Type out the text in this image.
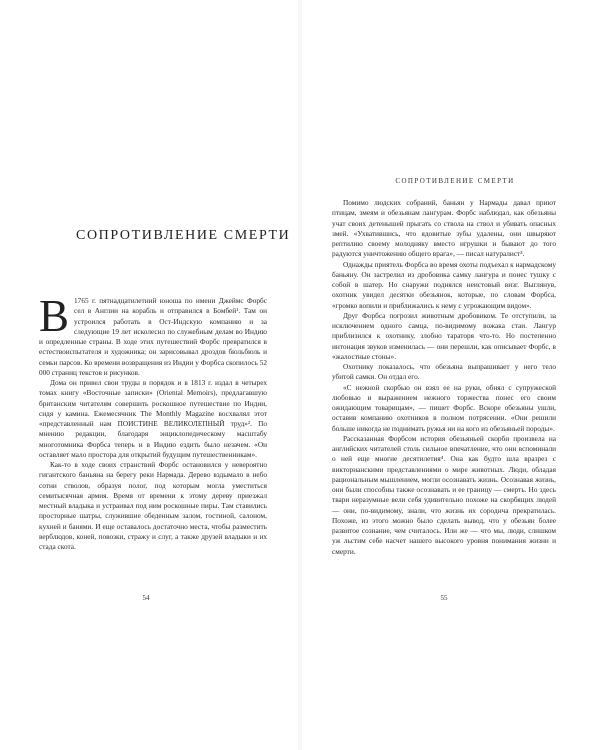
СОПРОТИВЛЕНИЕ СМЕРТИ

В 1765 г. пятнадцатилетний юноша по имени Джеймс Форбс сел в Англии на корабль и отправился в Бомбей¹. Там он устроился работать в Ост-Индскую компанию и за следующие 19 лет исколесил по служебным делам во Индию и опредленные страны. В ходе этих путешествий Форбс превратился в естествоиспытателя и художника; он зарисовывал дроздов бюльбюль и семьи парсов. Ко времени возвращения из Индии у Форбса скопилось 52 000 страниц текстов и рисунков.

Дома он привел свои труды в порядок и в 1813 г. издал в четырех томах книгу «Восточные записки» (Oriental Memoirs), предлагавшую британским читателям совершить роскошное путешествие по Индии, сидя у камина. Ежемесячник The Monthly Magazine восхвалял этот «представленный нам ПОИСТИНЕ ВЕЛИКОЛЕПНЫЙ труд»². По мнению редакции, благодаря энциклопедическому масштабу многотомника Форбса теперь и в Индию ездить было незачем. «Он оставляет мало простора для открытий будущим путешественникам».

Как-то в ходе своих странствий Форбс остановился у невероятно гигантского баньяна на берегу реки Нармада. Дерево вздымало в небо сотни стволов, образуя полог, под которым могла уместиться семитысячная армия. Время от времени к этому дереву приезжал местный владыка и устраивал под ним роскошные пиры. Там ставились просторные шатры, служившие обеденным залом, гостиной, салоном, кухней и банями. И еще оставалось достаточно места, чтобы разместить верблюдов, коней, повозки, стражу и слуг, а также друзей владыки и их стада скота.

54
СОПРОТИВЛЕНИЕ СМЕРТИ

Помимо людских собраний, баньян у Нармады давал приют птицам, змеям и обезьянам лангурам. Форбс наблюдал, как обезьяны учат своих детенышей прыгать со ствола на ствол и убивать опасных змей. «Ухватившись, что ядовитые зубы удалены, они швыряют рептилию своему молодняку вместо игрушки и бывают до того радуются уничтожению общего врага», — писал натуралист³.

Однажды приятель Форбса во время охоты подъехал к нармадскому баньяну. Он застрелил из дробовика самку лангура и понес тушку с собой в шатер. Но снаружи поднялся неистовый визг. Выглянув, охотник увидел десятки обезьянок, которые, по словам Форбса, «громко вопили и приближались к нему с угрожающим видом».

Друг Форбса погрозил животным дробовиком. Те отступили, за исключением одного самца, по-видимому вожака стаи. Лангур приблизился к охотнику, злобно тараторя что-то. Но постепенно интонация звуков изменилась — они перешли, как описывает Форбс, в «жалостные стоны».

Охотнику показалось, что обезьяна выпрашивает у него тело убитой самки. Он отдал его.

«С нежной скорбью он взял ее на руки, обнял с супружеской любовью и выражением нежного торжества понес его своим ожидающим товарищам», — пишет Форбс. Вскоре обезьяны ушли, оставив компанию охотников в полном потрясении. «Они решили больше никогда не поднимать ружья ни на кого из обезьяньей породы».

Рассказанная Форбсом история обезьяньей скорби произвела на английских читателей столь сильное впечатление, что они вспоминали о ней еще многие десятилетия⁴. Она как будто шла вразрез с викторианскими представлениями о мире животных. Люди, обладая рациональным мышлением, могли осознавать жизнь. Осознавая жизнь, они были способны также осознавать и ее границу — смерть. Но здесь твари неразумные вели себя удивительно похоже на скорбящих людей — они, по-видимому, знали, что жизнь их сородича прекратилась. Похоже, из этого можно было сделать вывод, что у обезьян более развитое сознание, чем считалось. Или же — что мы, люди, слишком уж льстим себе насчет нашего высокого уровня понимания жизни и смерти.

55
